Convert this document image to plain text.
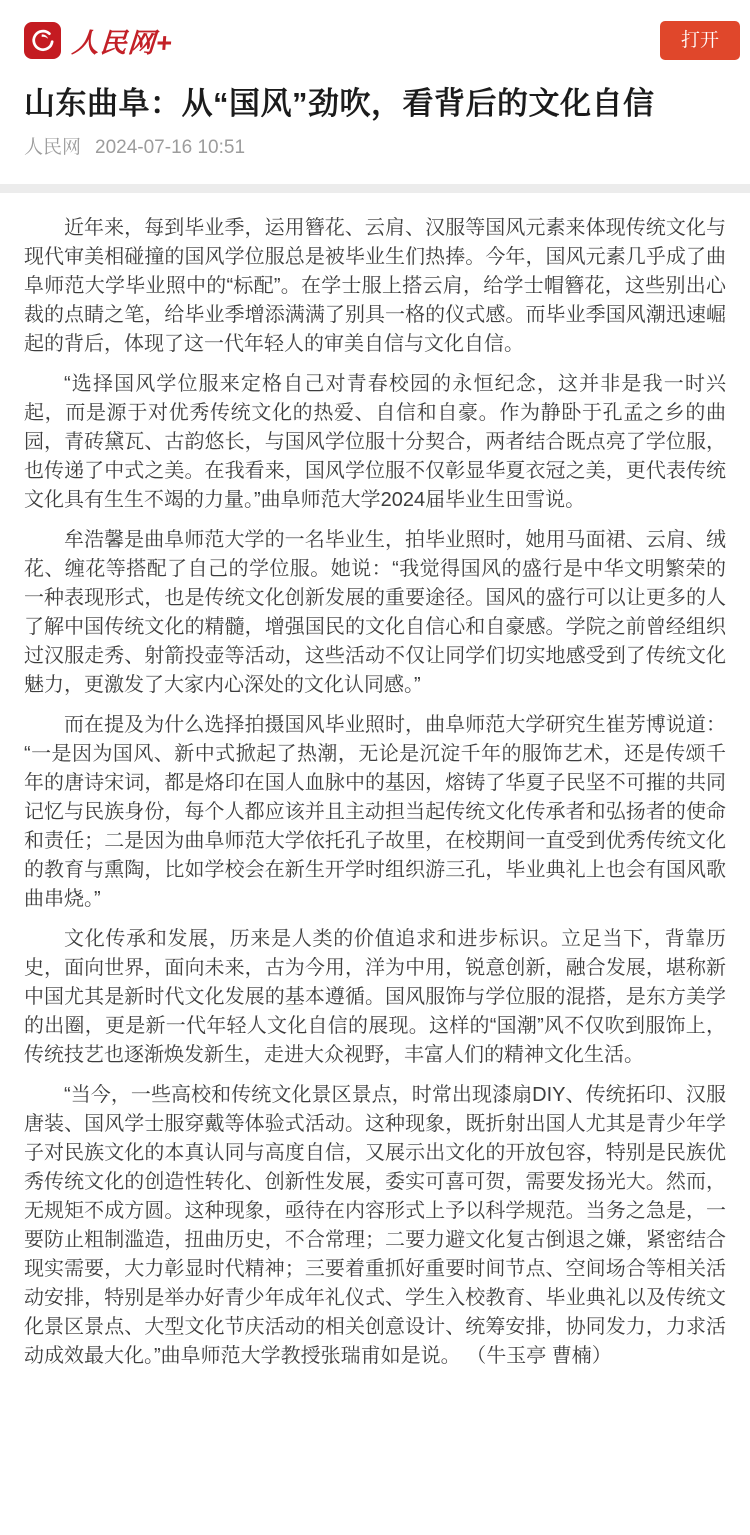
人民网+	打开
山东曲阜：从“国风”劲吹，看背后的文化自信
人民网 2024-07-16 10:51

近年来，每到毕业季，运用簪花、云肩、汉服等国风元素来体现传统文化与现代审美相碰撞的国风学位服总是被毕业生们热捧。今年，国风元素几乎成了曲阜师范大学毕业照中的“标配”。在学士服上搭云肩，给学士帽簪花，这些别出心裁的点睛之笔，给毕业季增添满满了别具一格的仪式感。而毕业季国风潮迅速崛起的背后，体现了这一代年轻人的审美自信与文化自信。

“选择国风学位服来定格自己对青春校园的永恒纪念，这并非是我一时兴起，而是源于对优秀传统文化的热爱、自信和自豪。作为静卧于孔孟之乡的曲园，青砖黛瓦、古韵悠长，与国风学位服十分契合，两者结合既点亮了学位服，也传递了中式之美。在我看来，国风学位服不仅彰显华夏衣冠之美，更代表传统文化具有生生不竭的力量。”曲阜师范大学2024届毕业生田雪说。

牟浩馨是曲阜师范大学的一名毕业生，拍毕业照时，她用马面裙、云肩、绒花、缠花等搭配了自己的学位服。她说：“我觉得国风的盛行是中华文明繁荣的一种表现形式，也是传统文化创新发展的重要途径。国风的盛行可以让更多的人了解中国传统文化的精髓，增强国民的文化自信心和自豪感。学院之前曾经组织过汉服走秀、射箭投壶等活动，这些活动不仅让同学们切实地感受到了传统文化魅力，更激发了大家内心深处的文化认同感。”

而在提及为什么选择拍摄国风毕业照时，曲阜师范大学研究生崔芳博说道：“一是因为国风、新中式掀起了热潮，无论是沉淀千年的服饰艺术，还是传颂千年的唐诗宋词，都是烙印在国人血脉中的基因，熔铸了华夏子民坚不可摧的共同记忆与民族身份，每个人都应该并且主动担当起传统文化传承者和弘扬者的使命和责任；二是因为曲阜师范大学依托孔子故里，在校期间一直受到优秀传统文化的教育与熏陶，比如学校会在新生开学时组织游三孔，毕业典礼上也会有国风歌曲串烧。”

文化传承和发展，历来是人类的价值追求和进步标识。立足当下，背靠历史，面向世界，面向未来，古为今用，洋为中用，锐意创新，融合发展，堪称新中国尤其是新时代文化发展的基本遵循。国风服饰与学位服的混搭，是东方美学的出圈，更是新一代年轻人文化自信的展现。这样的“国潮”风不仅吹到服饰上，传统技艺也逐渐焕发新生，走进大众视野，丰富人们的精神文化生活。

“当今，一些高校和传统文化景区景点，时常出现漆扇DIY、传统拓印、汉服唐装、国风学士服穿戴等体验式活动。这种现象，既折射出国人尤其是青少年学子对民族文化的本真认同与高度自信，又展示出文化的开放包容，特别是民族优秀传统文化的创造性转化、创新性发展，委实可喜可贺，需要发扬光大。然而，无规矩不成方圆。这种现象，亟待在内容形式上予以科学规范。当务之急是，一要防止粗制滥造，扭曲历史，不合常理；二要力避文化复古倒退之嫌，紧密结合现实需要，大力彰显时代精神；三要着重抓好重要时间节点、空间场合等相关活动安排，特别是举办好青少年成年礼仪式、学生入校教育、毕业典礼以及传统文化景区景点、大型文化节庆活动的相关创意设计、统筹安排，协同发力，力求活动成效最大化。”曲阜师范大学教授张瑞甫如是说。 （牛玉亭 曹楠）
